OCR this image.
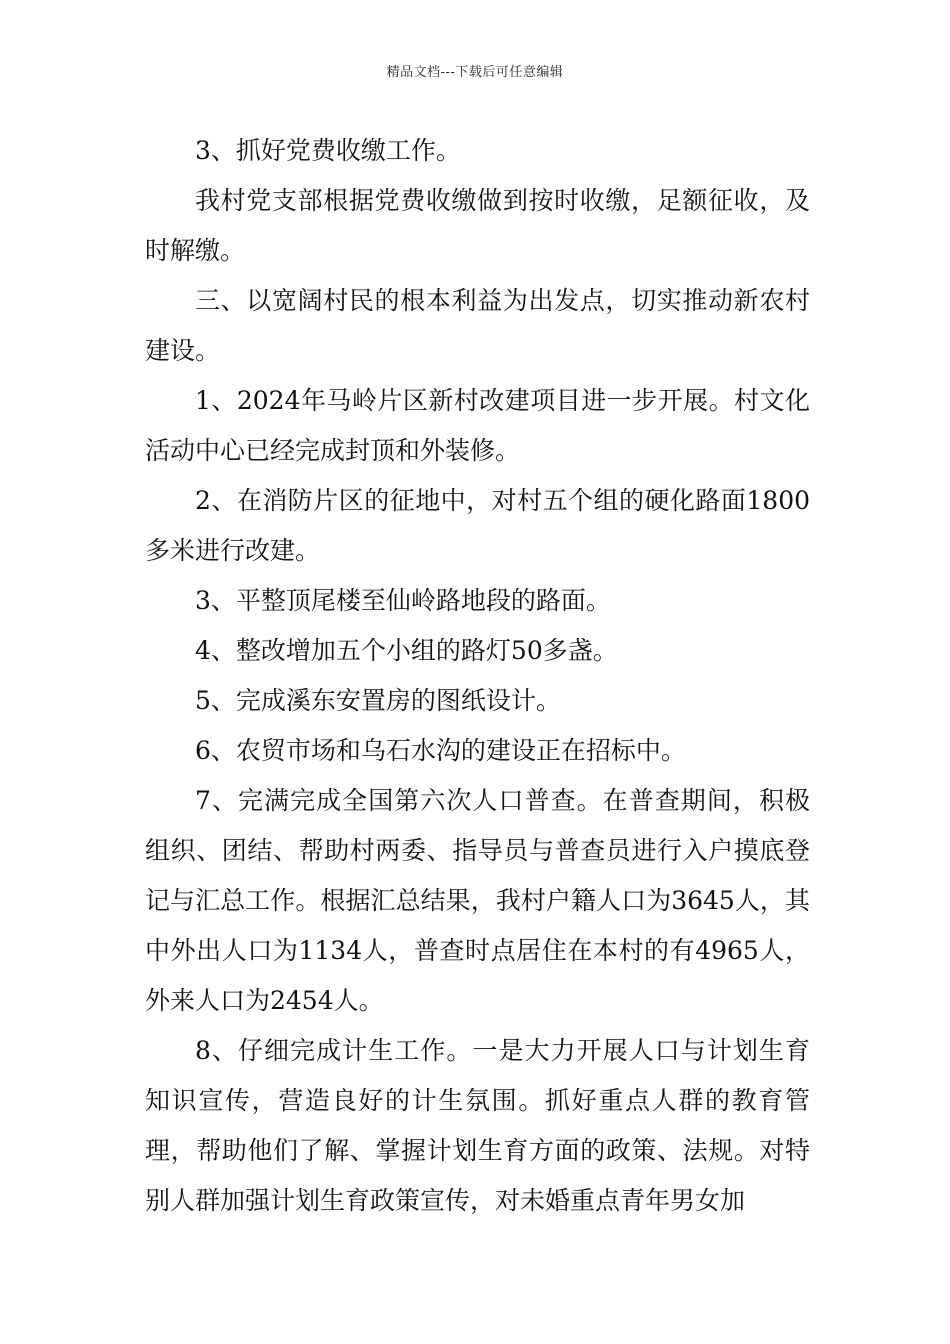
精品文档---下载后可任意编辑

3、抓好党费收缴工作。

我村党支部根据党费收缴做到按时收缴，足额征收，及时解缴。

三、以宽阔村民的根本利益为出发点，切实推动新农村建设。

1、2024年马岭片区新村改建项目进一步开展。村文化活动中心已经完成封顶和外装修。

2、在消防片区的征地中，对村五个组的硬化路面1800多米进行改建。

3、平整顶尾楼至仙岭路地段的路面。

4、整改增加五个小组的路灯50多盏。

5、完成溪东安置房的图纸设计。

6、农贸市场和乌石水沟的建设正在招标中。

7、完满完成全国第六次人口普查。在普查期间，积极组织、团结、帮助村两委、指导员与普查员进行入户摸底登记与汇总工作。根据汇总结果，我村户籍人口为3645人，其中外出人口为1134人，普查时点居住在本村的有4965人，外来人口为2454人。

8、仔细完成计生工作。一是大力开展人口与计划生育知识宣传，营造良好的计生氛围。抓好重点人群的教育管理，帮助他们了解、掌握计划生育方面的政策、法规。对特别人群加强计划生育政策宣传，对未婚重点青年男女加
